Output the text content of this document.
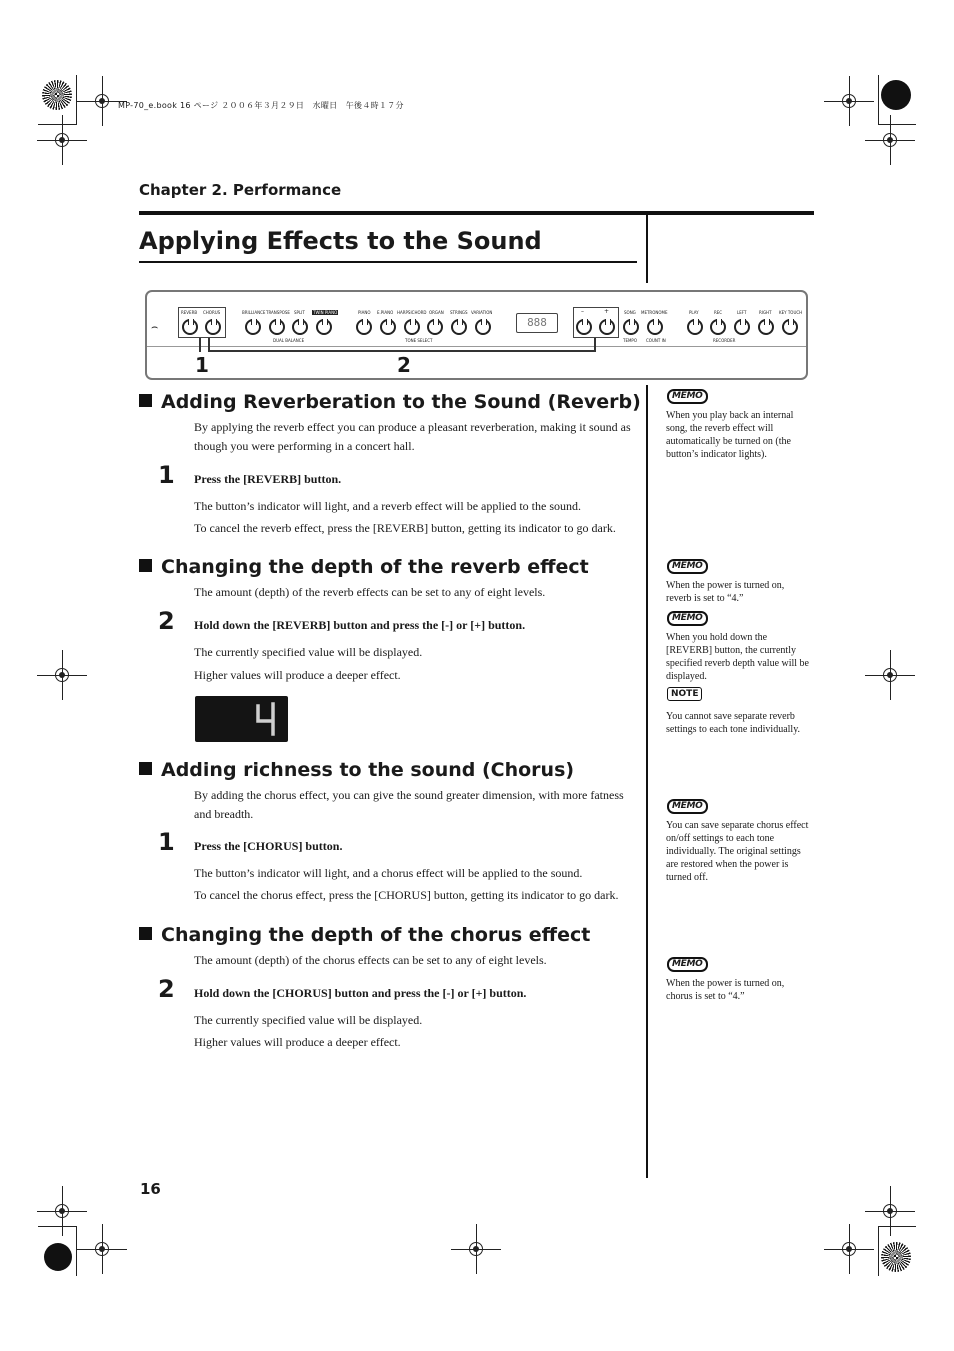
MP-70_e.book 16 ページ ２００６年３月２９日　水曜日　午後４時１７分
Chapter 2. Performance
Applying Effects to the Sound
⌢
REVERB CHORUS	BRILLIANCE TRANSPOSE SPLIT TWIN PIANO
DUAL BALANCE
PIANO E.PIANO HARPSICHORD ORGAN STRINGS VARIATION
TONE SELECT
888
–	+	SONG METRONOME
TEMPO COUNT IN
PLAY	REC	LEFT	RIGHT KEY TOUCH
RECORDER
1	2
Adding Reverberation to the Sound (Reverb)
By applying the reverb effect you can produce a pleasant reverberation, making it sound as though you were performing in a concert hall.
1 Press the [REVERB] button.
The button’s indicator will light, and a reverb effect will be applied to the sound.
To cancel the reverb effect, press the [REVERB] button, getting its indicator to go dark.
Changing the depth of the reverb effect
The amount (depth) of the reverb effects can be set to any of eight levels.
2 Hold down the [REVERB] button and press the [-] or [+] button.
The currently specified value will be displayed.
Higher values will produce a deeper effect.
Adding richness to the sound (Chorus)
By adding the chorus effect, you can give the sound greater dimension, with more fatness and breadth.
1 Press the [CHORUS] button.
The button’s indicator will light, and a chorus effect will be applied to the sound.
To cancel the chorus effect, press the [CHORUS] button, getting its indicator to go dark.
Changing the depth of the chorus effect
The amount (depth) of the chorus effects can be set to any of eight levels.
2 Hold down the [CHORUS] button and press the [-] or [+] button.
The currently specified value will be displayed.
Higher values will produce a deeper effect.
MEMO
When you play back an internal song, the reverb effect will automatically be turned on (the button’s indicator lights).
MEMO
When the power is turned on, reverb is set to “4.”
MEMO
When you hold down the [REVERB] button, the currently specified reverb depth value will be displayed.
NOTE
You cannot save separate reverb settings to each tone individually.
MEMO
You can save separate chorus effect on/off settings to each tone individually. The original settings are restored when the power is turned off.
MEMO
When the power is turned on, chorus is set to “4.”
16
